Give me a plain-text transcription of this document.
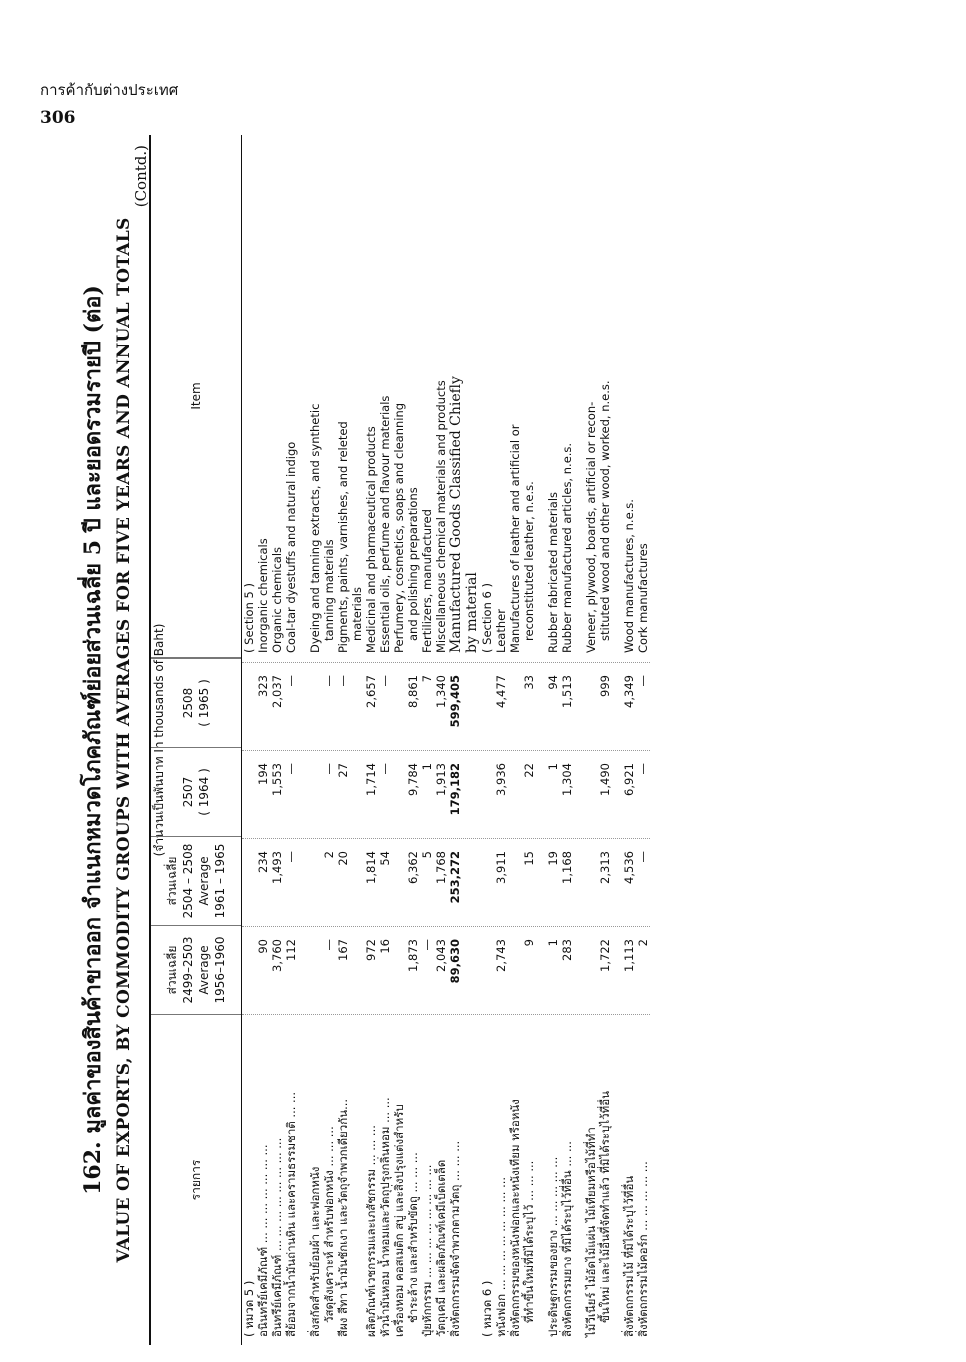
การค้ากับต่างประเทศ
306
162. มูลค่าของสินค้าขาออก จำแนกหมวดโภคภัณฑ์ย่อยส่วนเฉลี่ย 5 ปี และยอดรวมรายปี (ต่อ) VALUE OF EXPORTS, BY COMMODITY GROUPS WITH AVERAGES FOR FIVE YEARS AND ANNUAL TOTALS
(Contd.)
(จำนวนเป็นพันบาท In thousands of Baht)
รายการ
ส่วนเฉลี่ย 2499–2503 Average 1956–1960
ส่วนเฉลี่ย 2504 – 2508 Average 1961 – 1965
2507 ( 1964 )
2508 ( 1965 )
Item
( หมวด 5 )
( Section 5 )
อนินทรีย์เคมีภัณฑ์ ... ... ... ... ... ... ...
90
234
194
323
Inorganic chemicals
อินทรีย์เคมีภัณฑ์ ... ... ... ... ... ... ... ...
3,760
1,493
1,553
2,037
Organic chemicals
สีย้อมจากน้ำมันถ่านหิน และครามธรรมชาติ ... ...
112
—
—
—
Coal-tar dyestuffs and natural indigo
สิ่งสกัดสำหรับย้อมผ้า และฟอกหนัง
Dyeing and tanning extracts, and synthetic
วัสดุสังเคราะห์ สำหรับฟอกหนัง ... ... ...
—
2
—
—
tanning materials
สีผง สีทา น้ำมันชักเงา และวัตถุจำพวกเดียวกัน...
167
20
27
—
Pigments, paints, varnishes, and releted materials
ผลิตภัณฑ์เวชกรรมและเภสัชกรรม ... ... ...
972
1,814
1,714
2,657
Medicinal and pharmaceutical products
หัวน้ำมันหอม น้ำหอมและวัตถุปรุงกลิ่นหอม ... ...
16
54
—
—
Essential oils, perfume and flavour materials
เครื่องหอม คอสเมติก สบู่ และสิ่งปรุงแต่งสำหรับ
Perfumery, cosmetics, soaps and cleanning
ชำระล้าง และสำหรับขัดถู ... ... ...
1,873
6,362
9,784
8,861
and polishing preparations
ปุ๋ยหักกรรม ... ... ... ... ... ... ... ...
—
5
1
7
Fertilizers, manufactured
วัตถุเคมี และผลิตภัณฑ์เคมีเบ็ดเตล็ด
2,043
1,768
1,913
1,340
Miscellaneous chemical materials and products
สิ่งหัตถกรรมจัดจำพวกตามวัตถุ ... ... ...
89,630
253,272
179,182
599,405
Manufactured Goods Classified Chiefly by material
( หมวด 6 )
( Section 6 )
หนังฟอก ... ... ... ... ... ... ... ...
2,743
3,911
3,936
4,477
Leather
สิ่งหัตถกรรมของหนังฟอกและหนังเทียม หรือหนัง
Manufactures of leather and artificial or
ที่ทำขึ้นใหม่ที่มิได้ระบุไว้ ... ... ...
9
15
22
33
reconstituted leather, n.e.s.
ประดิษฐกรรมของยาง ... ... ... ... ...
1
19
1
94
Rubber fabricated materials
สิ่งหัตถกรรมยาง ที่มิได้ระบุไว้ที่อื่น ... ...
283
1,168
1,304
1,513
Rubber manufactured articles, n.e.s.
ไม้วีเนียร์ ไม้อัดไม้แผ่น ไม้เทียมหรือไม้ที่ทำ
Veneer, plywood, boards, artificial or recon-
ขึ้นใหม่ และไม้อื่นที่จัดทำแล้ว ที่มิได้ระบุไว้ที่อื่น
1,722
2,313
1,490
999
stituted wood and other wood, worked, n.e.s.
สิ่งหัตถกรรมไม้ ที่มิได้ระบุไว้ที่อื่น
1,113
4,536
6,921
4,349
Wood manufactures, n.e.s.
สิ่งหัตถกรรมไม้คอร์ก ... ... ... ... ...
2
—
—
—
Cork manufactures
